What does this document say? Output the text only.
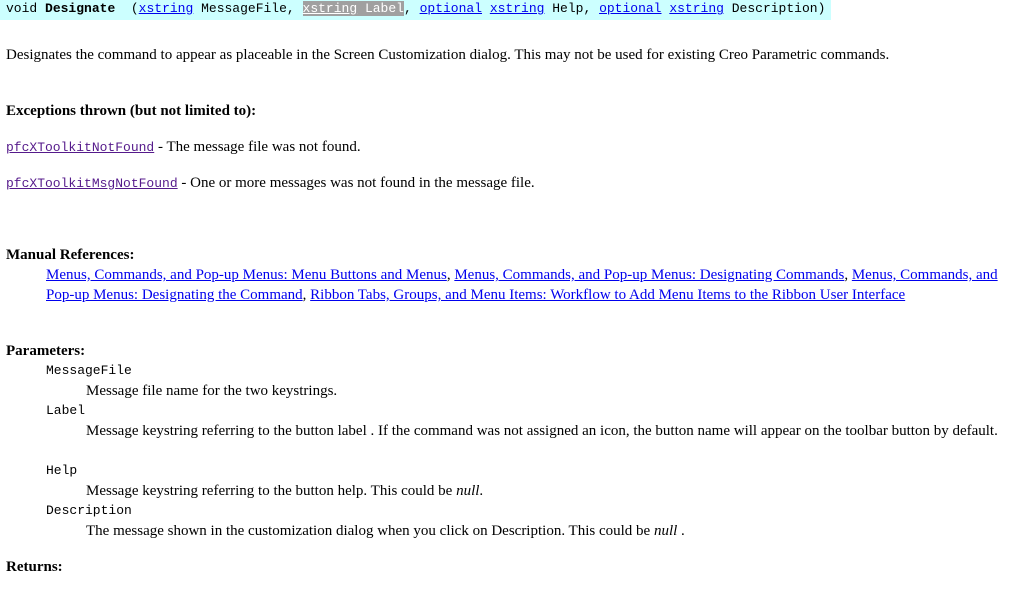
void Designate (xstring MessageFile, xstring Label, optional xstring Help, optional xstring Description)
Designates the command to appear as placeable in the Screen Customization dialog. This may not be used for existing Creo Parametric commands.
Exceptions thrown (but not limited to):
pfcXToolkitNotFound - The message file was not found.
pfcXToolkitMsgNotFound - One or more messages was not found in the message file.
Manual References:
Menus, Commands, and Pop-up Menus: Menu Buttons and Menus, Menus, Commands, and Pop-up Menus: Designating Commands, Menus, Commands, and Pop-up Menus: Designating the Command, Ribbon Tabs, Groups, and Menu Items: Workflow to Add Menu Items to the Ribbon User Interface
Parameters:
MessageFile
Message file name for the two keystrings.
Label
Message keystring referring to the button label . If the command was not assigned an icon, the button name will appear on the toolbar button by default.
Help
Message keystring referring to the button help. This could be null.
Description
The message shown in the customization dialog when you click on Description. This could be null .
Returns:
